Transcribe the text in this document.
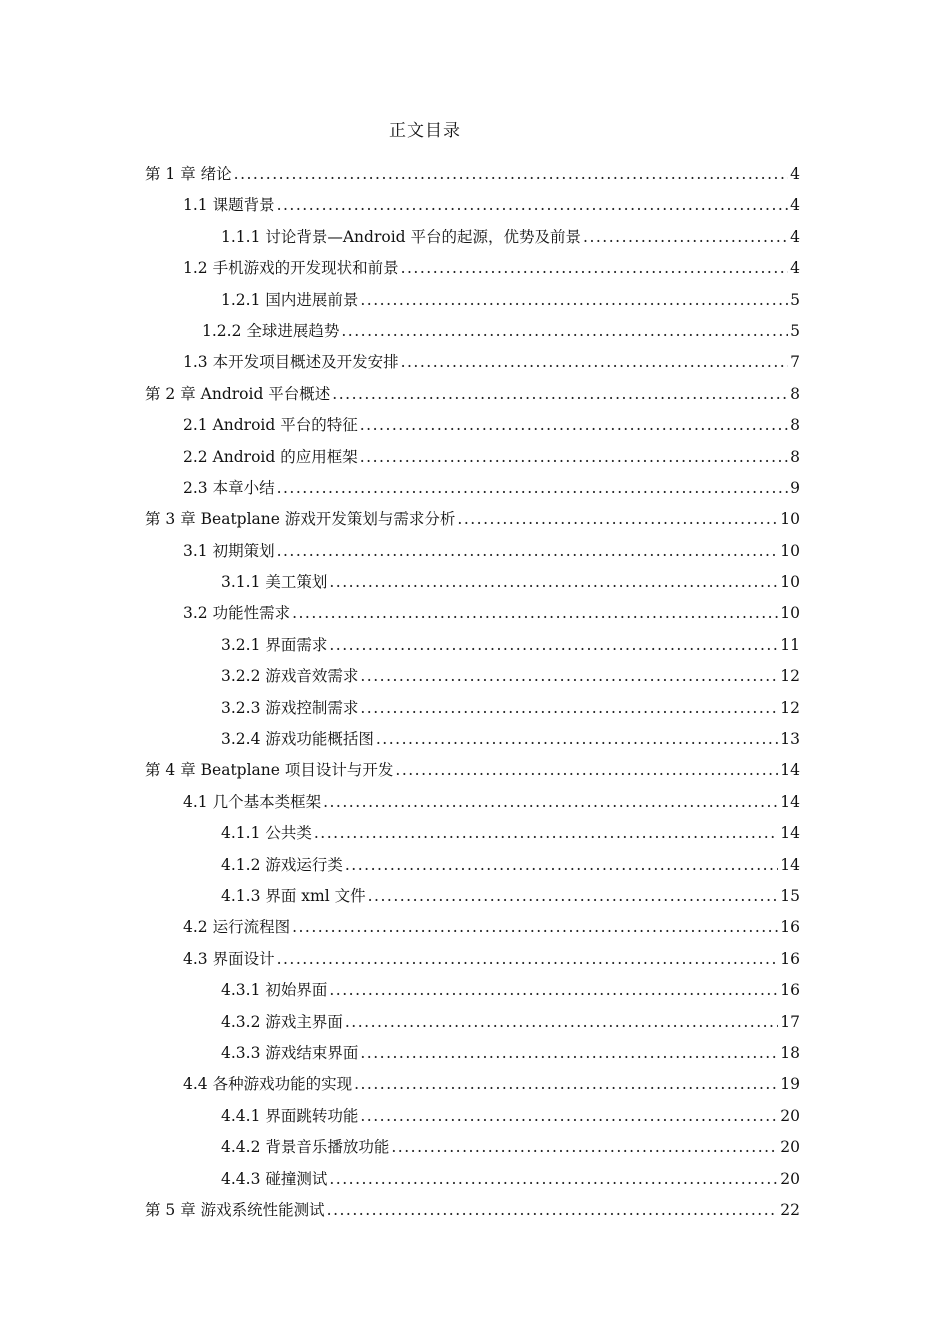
正文目录
第 1 章 绪论 .....	4
1.1 课题背景 .....	4
1.1.1 讨论背景—Android 平台的起源，优势及前景 .....	4
1.2 手机游戏的开发现状和前景 .....	4
1.2.1 国内进展前景 .....	5
1.2.2 全球进展趋势 .....	5
1.3 本开发项目概述及开发安排 .....	7
第 2 章 Android 平台概述 .....	8
2.1 Android 平台的特征 .....	8
2.2 Android 的应用框架 .....	8
2.3 本章小结 .....	9
第 3 章 Beatplane 游戏开发策划与需求分析 .....	10
3.1 初期策划 .....	10
3.1.1 美工策划 .....	10
3.2 功能性需求 .....	10
3.2.1 界面需求 .....	11
3.2.2 游戏音效需求 .....	12
3.2.3 游戏控制需求 .....	12
3.2.4 游戏功能概括图 .....	13
第 4 章 Beatplane 项目设计与开发 .....	14
4.1 几个基本类框架 .....	14
4.1.1 公共类 .....	14
4.1.2 游戏运行类 .....	14
4.1.3 界面 xml 文件 .....	15
4.2 运行流程图 .....	16
4.3 界面设计 .....	16
4.3.1 初始界面 .....	16
4.3.2 游戏主界面 .....	17
4.3.3 游戏结束界面 .....	18
4.4 各种游戏功能的实现 .....	19
4.4.1 界面跳转功能 .....	20
4.4.2 背景音乐播放功能 .....	20
4.4.3 碰撞测试 .....	20
第 5 章 游戏系统性能测试 .....	22
